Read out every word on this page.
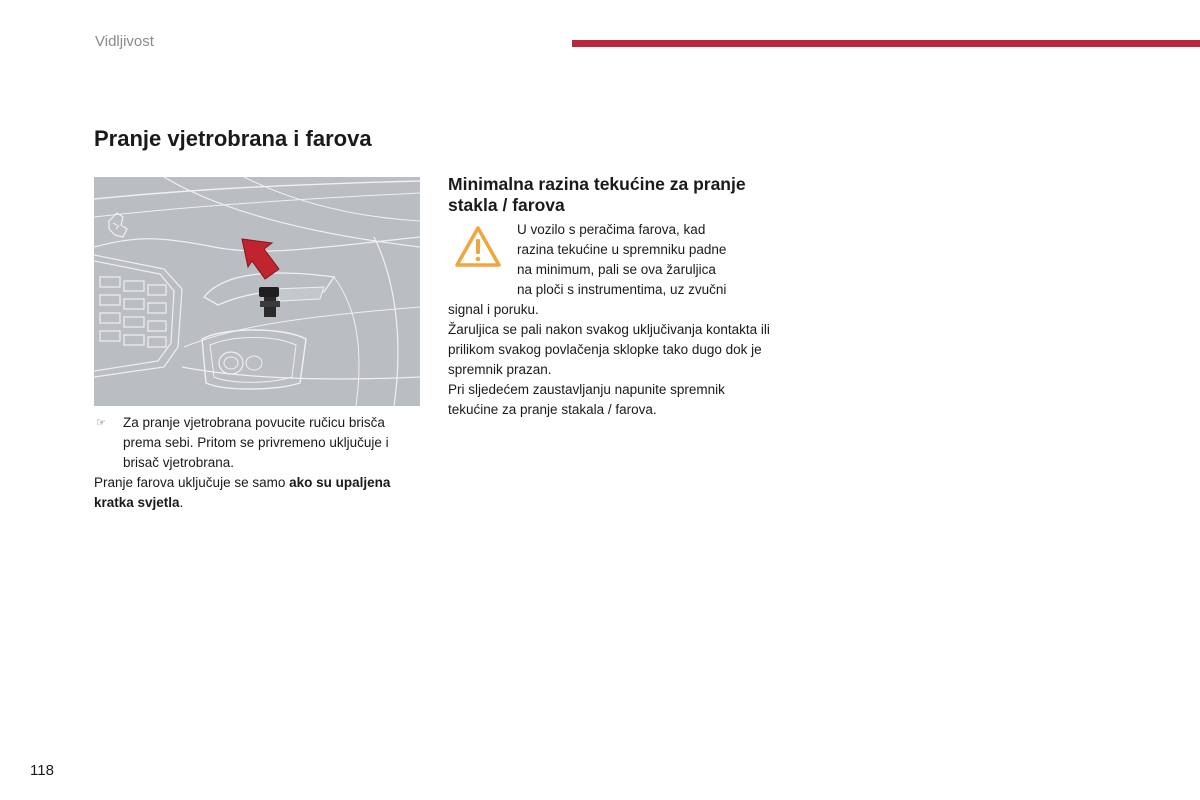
Vidljivost
Pranje vjetrobrana i farova
☞ Za pranje vjetrobrana povucite ručicu brisča prema sebi. Pritom se privremeno uključuje i brisač vjetrobrana.
Pranje farova uključuje se samo ako su upaljena kratka svjetla.
Minimalna razina tekućine za pranje stakla / farova
U vozilo s peračima farova, kad
razina tekućine u spremniku padne
na minimum, pali se ova žaruljica
na ploči s instrumentima, uz zvučni
signal i poruku.
Žarulјica se pali nakon svakog uključivanja kontakta ili prilikom svakog povlačenja sklopke tako dugo dok je spremnik prazan.
Pri sljedećem zaustavljanju napunite spremnik tekućine za pranje stakala / farova.
118
